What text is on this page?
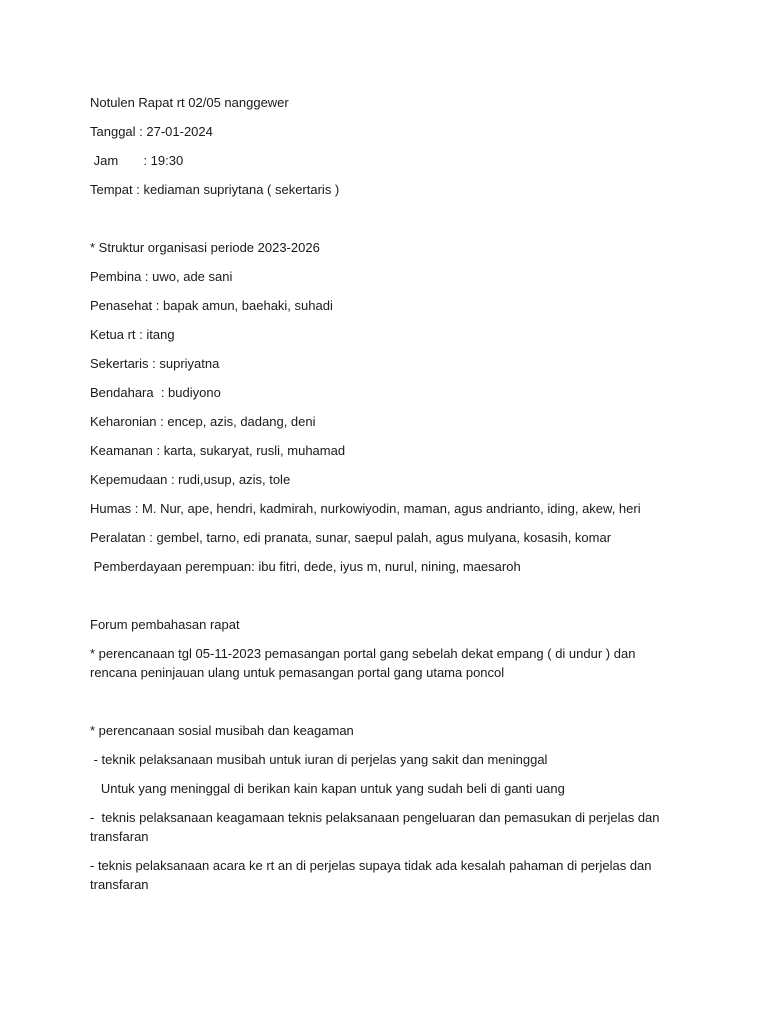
Notulen Rapat rt 02/05 nanggewer
Tanggal : 27-01-2024
Jam       : 19:30
Tempat : kediaman supriytana ( sekertaris )
* Struktur organisasi periode 2023-2026
Pembina : uwo, ade sani
Penasehat : bapak amun, baehaki, suhadi
Ketua rt : itang
Sekertaris : supriyatna
Bendahara  : budiyono
Keharonian : encep, azis, dadang, deni
Keamanan : karta, sukaryat, rusli, muhamad
Kepemudaan : rudi,usup, azis, tole
Humas : M. Nur, ape, hendri, kadmirah, nurkowiyodin, maman, agus andrianto, iding, akew, heri
Peralatan : gembel, tarno, edi pranata, sunar, saepul palah, agus mulyana, kosasih, komar
Pemberdayaan perempuan: ibu fitri, dede, iyus m, nurul, nining, maesaroh
Forum pembahasan rapat
* perencanaan tgl 05-11-2023 pemasangan portal gang sebelah dekat empang ( di undur ) dan rencana peninjauan ulang untuk pemasangan portal gang utama poncol
* perencanaan sosial musibah dan keagaman
- teknik pelaksanaan musibah untuk iuran di perjelas yang sakit dan meninggal
Untuk yang meninggal di berikan kain kapan untuk yang sudah beli di ganti uang
-  teknis pelaksanaan keagamaan teknis pelaksanaan pengeluaran dan pemasukan di perjelas dan transfaran
- teknis pelaksanaan acara ke rt an di perjelas supaya tidak ada kesalah pahaman di perjelas dan transfaran
